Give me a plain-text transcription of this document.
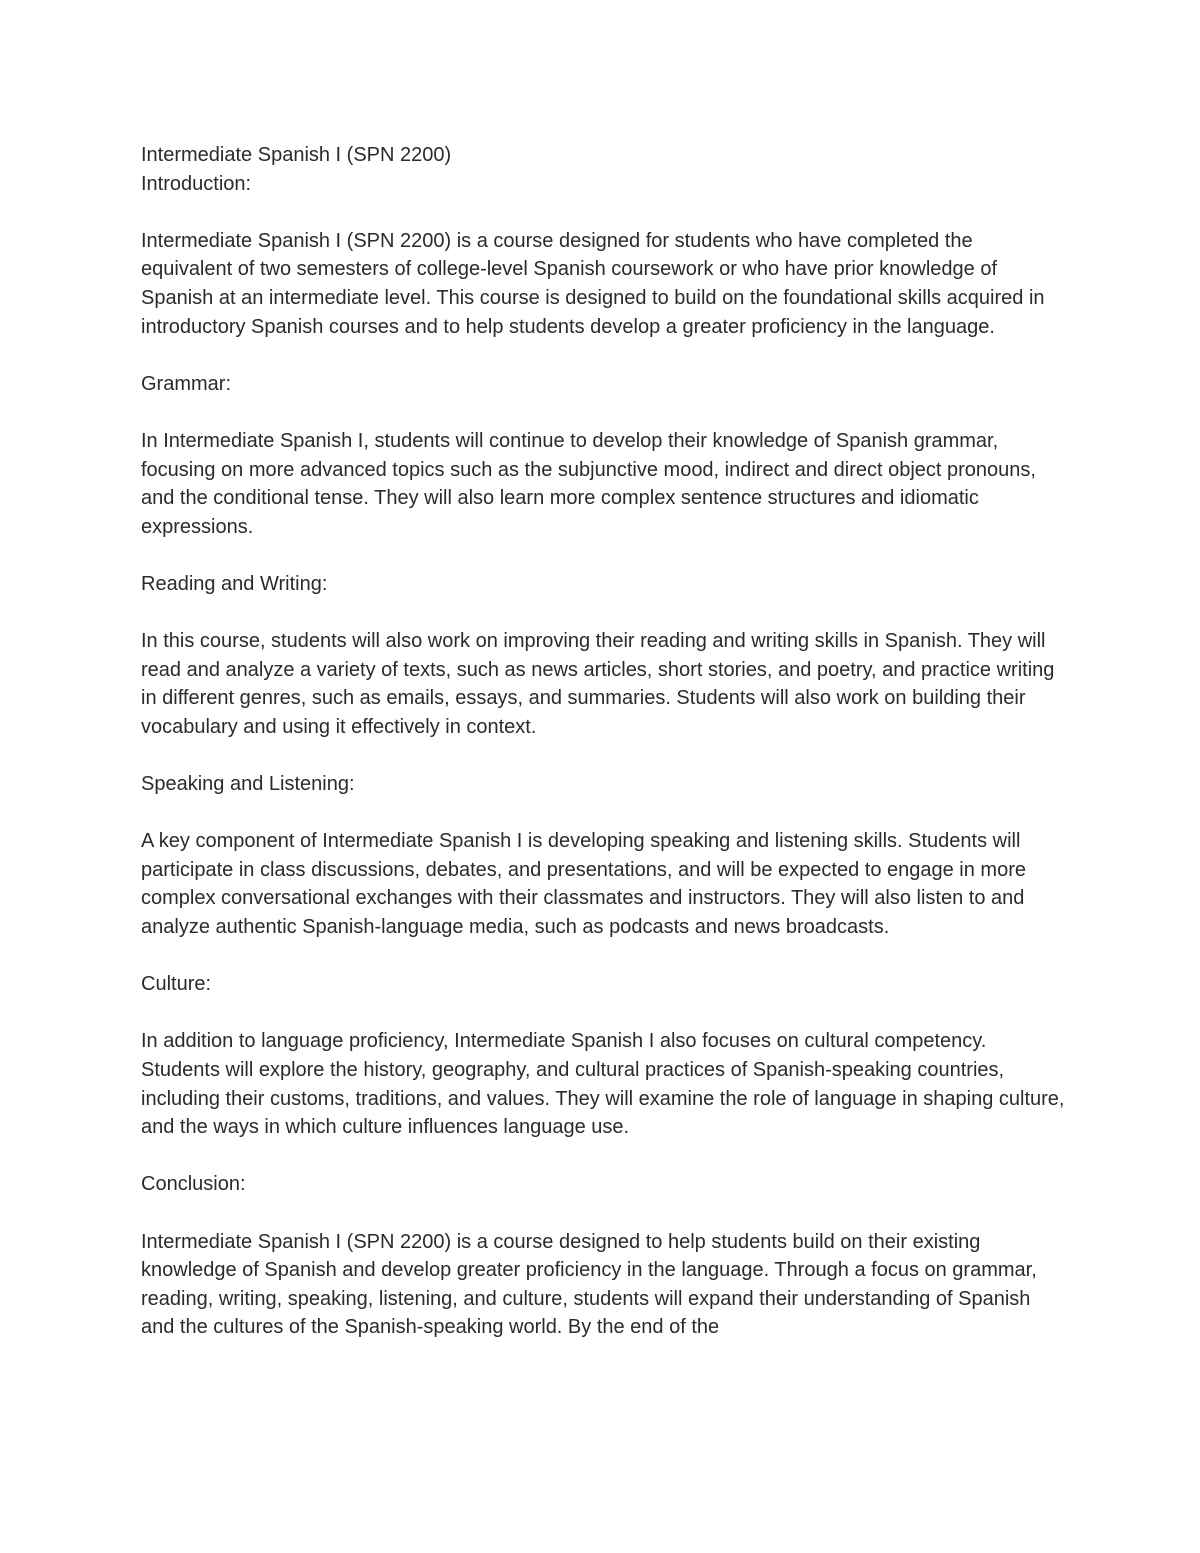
Intermediate Spanish I (SPN 2200)

Introduction:

Intermediate Spanish I (SPN 2200) is a course designed for students who have completed the equivalent of two semesters of college-level Spanish coursework or who have prior knowledge of Spanish at an intermediate level. This course is designed to build on the foundational skills acquired in introductory Spanish courses and to help students develop a greater proficiency in the language.

Grammar:

In Intermediate Spanish I, students will continue to develop their knowledge of Spanish grammar, focusing on more advanced topics such as the subjunctive mood, indirect and direct object pronouns, and the conditional tense. They will also learn more complex sentence structures and idiomatic expressions.

Reading and Writing:

In this course, students will also work on improving their reading and writing skills in Spanish. They will read and analyze a variety of texts, such as news articles, short stories, and poetry, and practice writing in different genres, such as emails, essays, and summaries. Students will also work on building their vocabulary and using it effectively in context.

Speaking and Listening:

A key component of Intermediate Spanish I is developing speaking and listening skills. Students will participate in class discussions, debates, and presentations, and will be expected to engage in more complex conversational exchanges with their classmates and instructors. They will also listen to and analyze authentic Spanish-language media, such as podcasts and news broadcasts.

Culture:

In addition to language proficiency, Intermediate Spanish I also focuses on cultural competency. Students will explore the history, geography, and cultural practices of Spanish-speaking countries, including their customs, traditions, and values. They will examine the role of language in shaping culture, and the ways in which culture influences language use.

Conclusion:

Intermediate Spanish I (SPN 2200) is a course designed to help students build on their existing knowledge of Spanish and develop greater proficiency in the language. Through a focus on grammar, reading, writing, speaking, listening, and culture, students will expand their understanding of Spanish and the cultures of the Spanish-speaking world. By the end of the
